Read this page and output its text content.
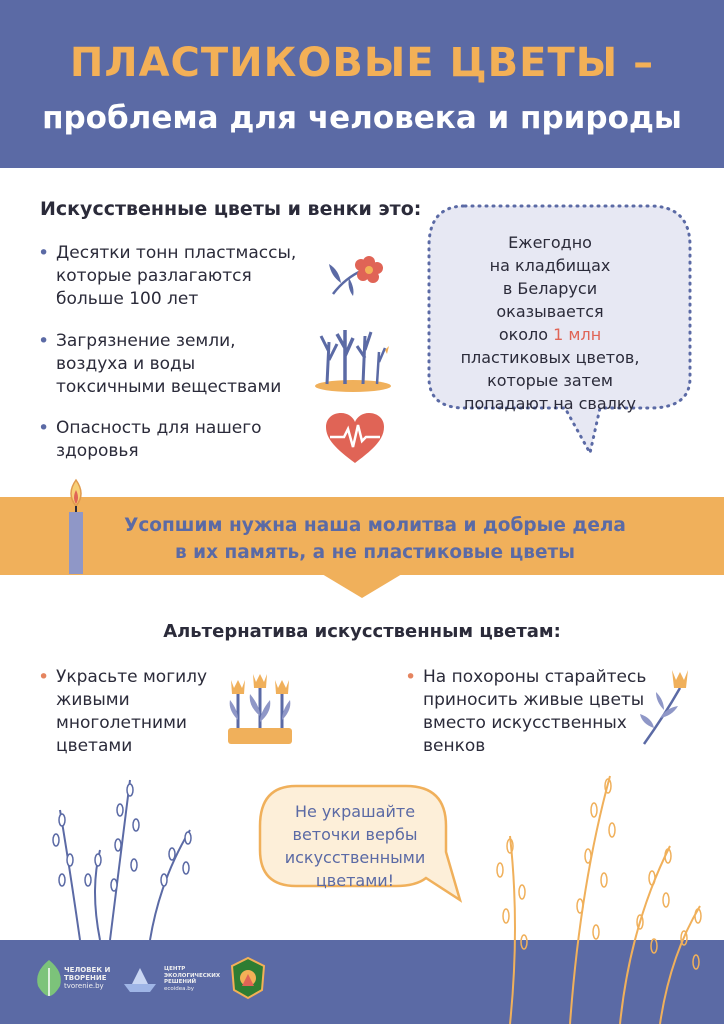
ПЛАСТИКОВЫЕ ЦВЕТЫ –
проблема для человека и природы
Искусственные цветы и венки это:
• Десятки тонн пластмассы,
которые разлагаются
больше 100 лет
• Загрязнение земли,
воздуха и воды
токсичными веществами
• Опасность для нашего
здоровья
Ежегодно
на кладбищах
в Беларуси оказывается
около 1 млн
пластиковых цветов,
которые затем
попадают на свалку
Усопшим нужна наша молитва и добрые дела
в их память, а не пластиковые цветы
Альтернатива искусственным цветам:
• Украсьте могилу
живыми
многолетними
цветами
• На похороны старайтесь
приносить живые цветы
вместо искусственных
венков
Не украшайте
веточки вербы
искусственными
цветами!
ЧЕЛОВЕК И
ТВОРЕНИЕ
tvorenie.by
ЦЕНТР
ЭКОЛОГИЧЕСКИХ
РЕШЕНИЙ
ecoidea.by
